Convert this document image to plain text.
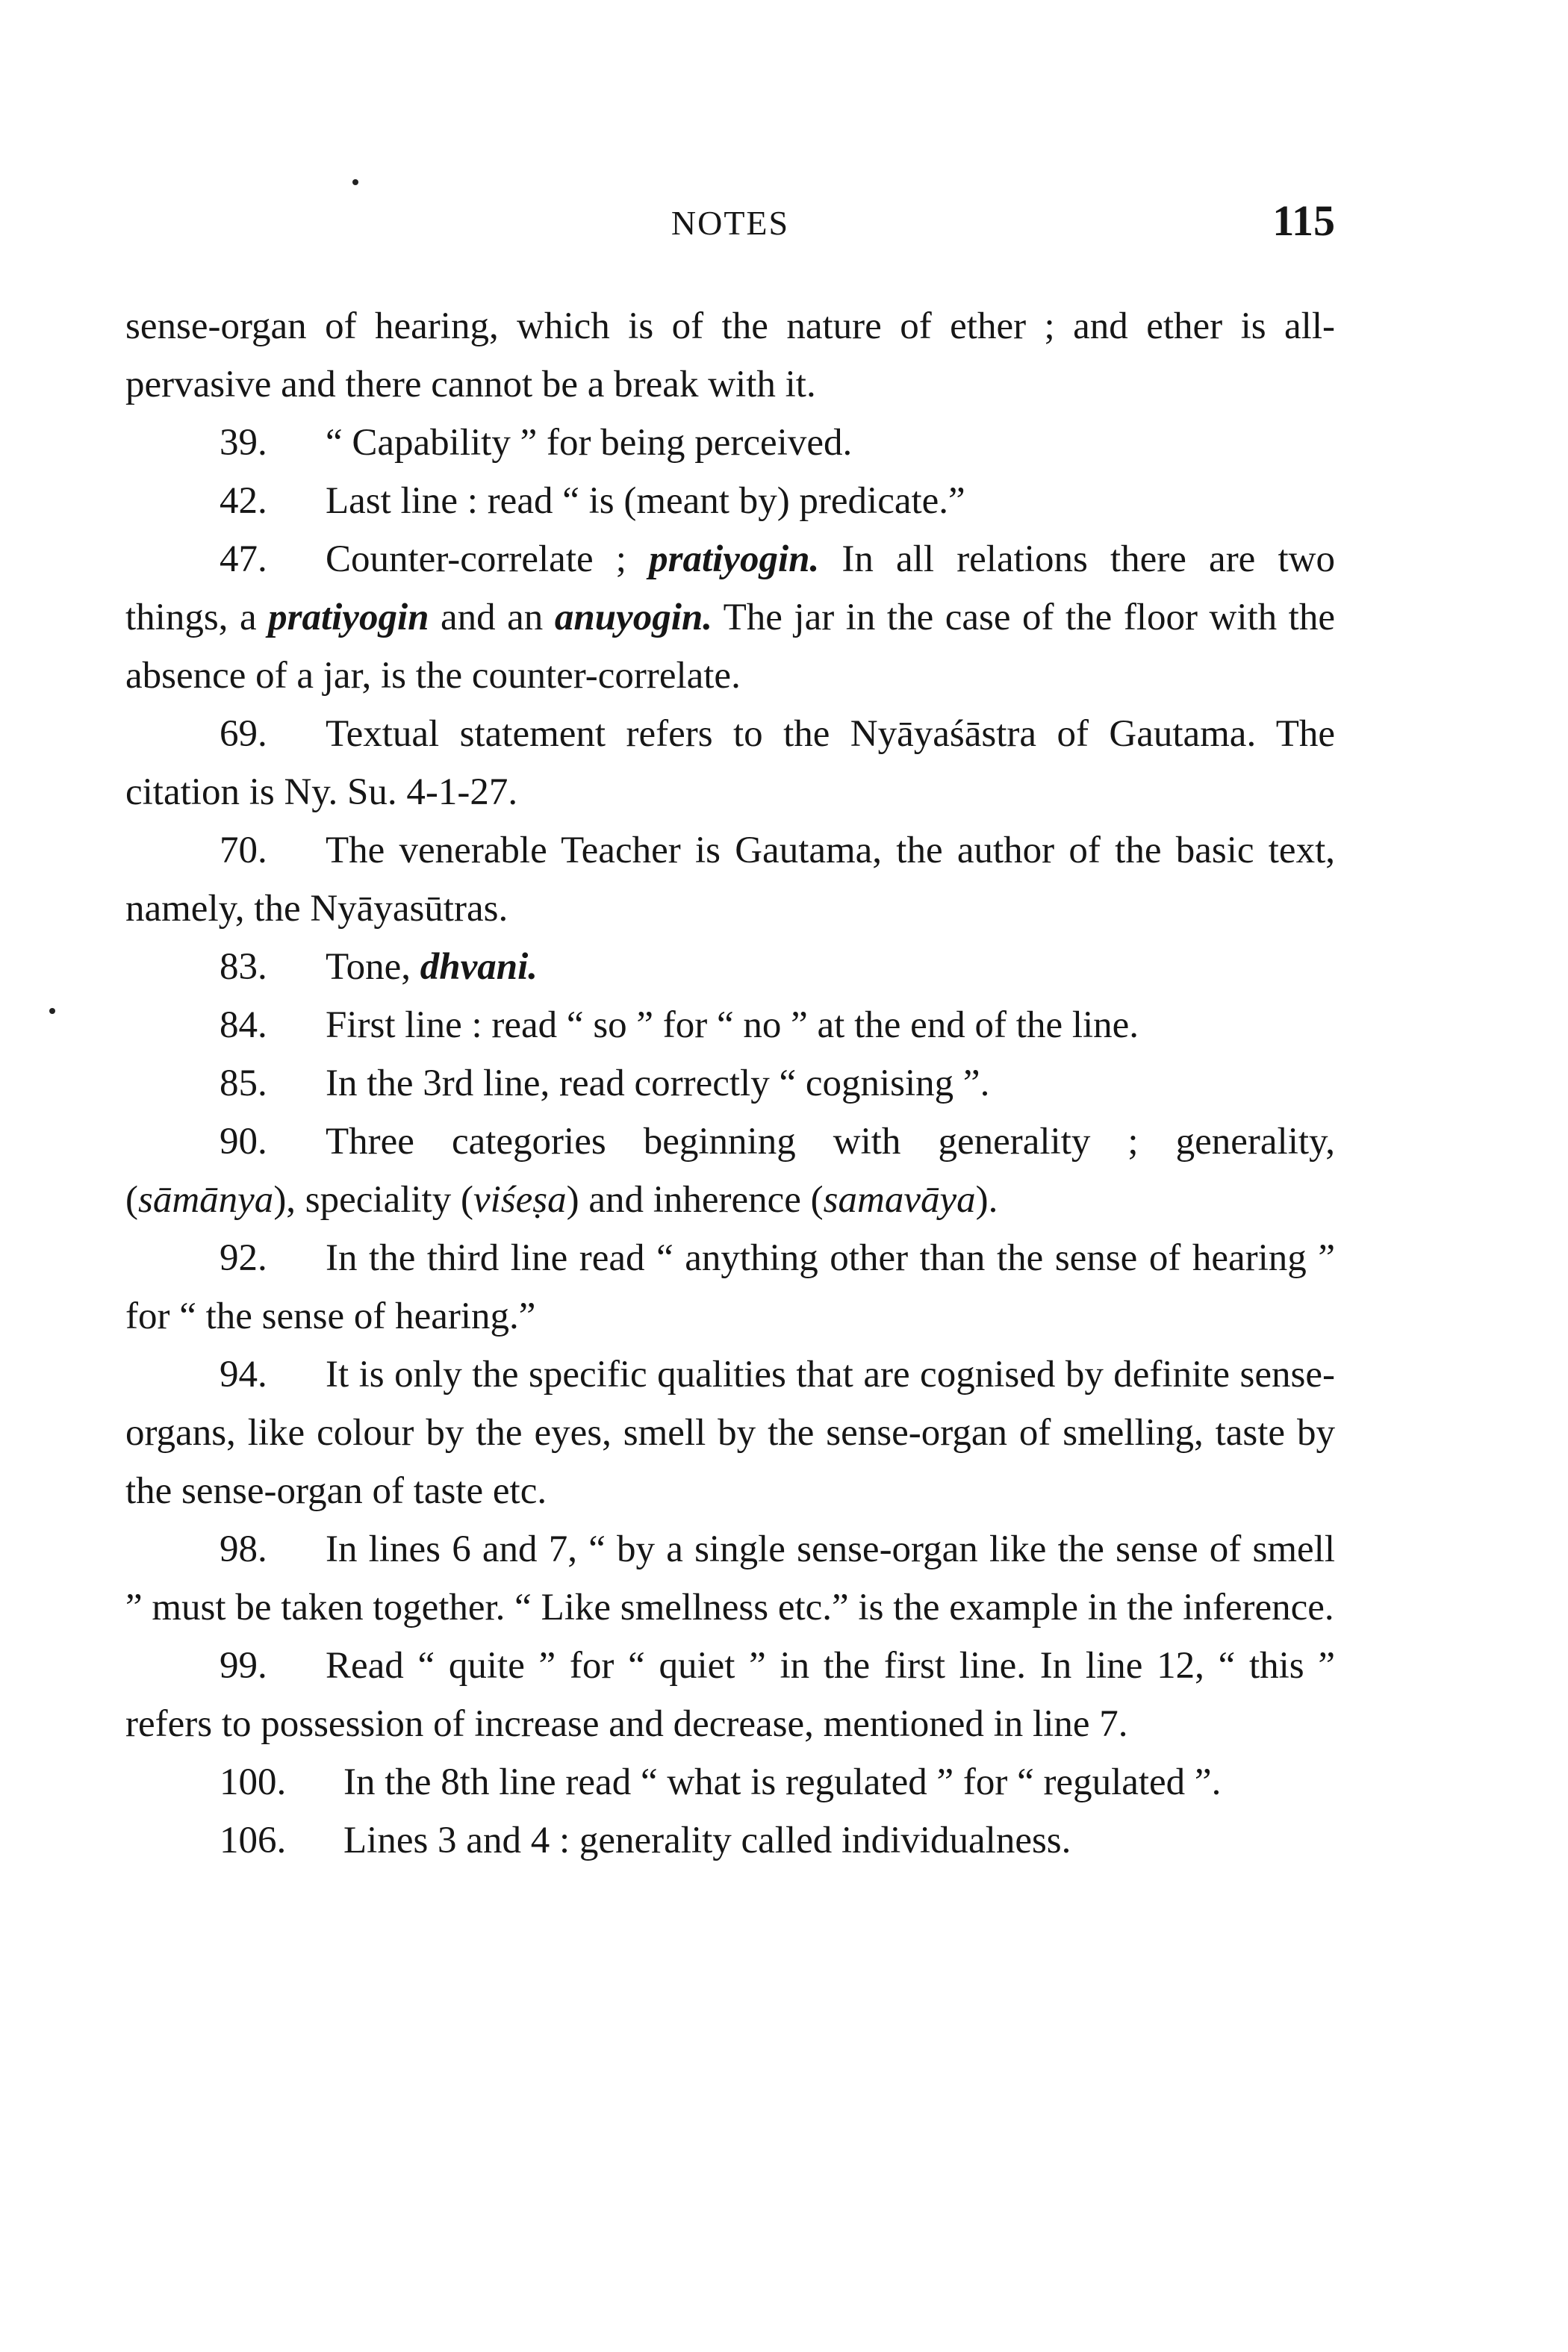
NOTES	115

sense-organ of hearing, which is of the nature of ether ; and ether is all-pervasive and there cannot be a break with it.

39. “ Capability ” for being perceived.

42. Last line : read “ is (meant by) predicate.”

47. Counter-correlate ; pratiyogin. In all relations there are two things, a pratiyogin and an anuyogin. The jar in the case of the floor with the absence of a jar, is the counter-correlate.

69. Textual statement refers to the Nyāyaśāstra of Gautama. The citation is Ny. Su. 4-1-27.

70. The venerable Teacher is Gautama, the author of the basic text, namely, the Nyāyasūtras.

83. Tone, dhvani.

84. First line : read “ so ” for “ no ” at the end of the line.

85. In the 3rd line, read correctly “ cognising ”.

90. Three categories beginning with generality ; generality, (sāmānya), speciality (viśeṣa) and inherence (samavāya).

92. In the third line read “ anything other than the sense of hearing ” for “ the sense of hearing.”

94. It is only the specific qualities that are cognised by definite sense-organs, like colour by the eyes, smell by the sense-organ of smelling, taste by the sense-organ of taste etc.

98. In lines 6 and 7, “ by a single sense-organ like the sense of smell ” must be taken together. “ Like smellness etc.” is the example in the inference.

99. Read “ quite ” for “ quiet ” in the first line. In line 12, “ this ” refers to possession of increase and decrease, mentioned in line 7.

100. In the 8th line read “ what is regulated ” for “ regulated ”.

106. Lines 3 and 4 : generality called individualness.
